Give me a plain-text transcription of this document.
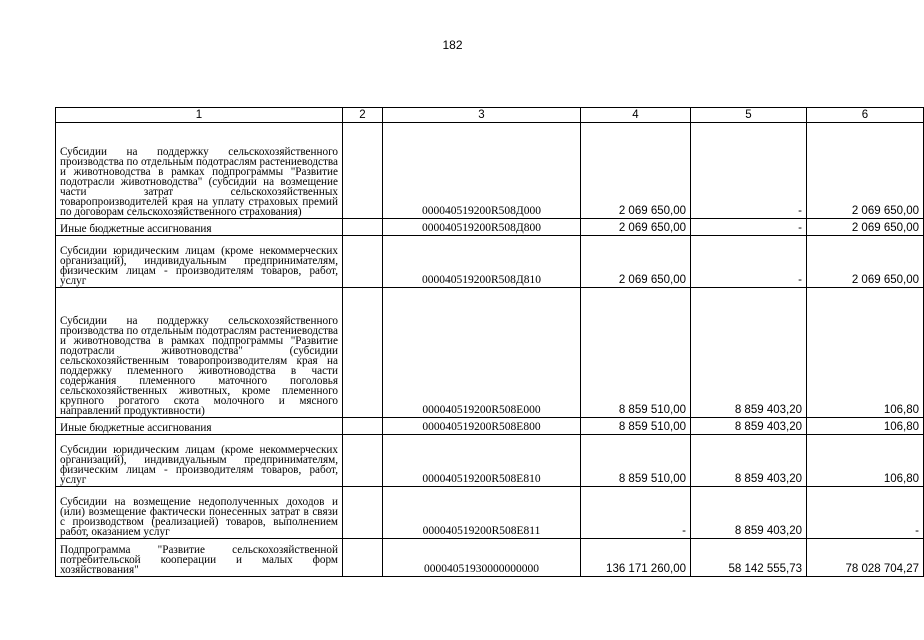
182
1	2	3	4	5	6
Субсидии на поддержку сельскохозяйственного производства по отдельным подотраслям растениеводства и животноводства в рамках подпрограммы "Развитие подотрасли животноводства" (субсидии на возмещение части затрат сельскохозяйственных товаропроизводителей края на уплату страховых премий по договорам сельскохозяйственного страхования)		000040519200R508Д000	2 069 650,00	-	2 069 650,00
Иные бюджетные ассигнования		000040519200R508Д800	2 069 650,00	-	2 069 650,00
Субсидии юридическим лицам (кроме некоммерческих организаций), индивидуальным предпринимателям, физическим лицам - производителям товаров, работ, услуг		000040519200R508Д810	2 069 650,00	-	2 069 650,00
Субсидии на поддержку сельскохозяйственного производства по отдельным подотраслям растениеводства и животноводства в рамках подпрограммы "Развитие подотрасли животноводства" (субсидии сельскохозяйственным товаропроизводителям края на поддержку племенного животноводства в части содержания племенного маточного поголовья сельскохозяйственных животных, кроме племенного крупного рогатого скота молочного и мясного направлений продуктивности)		000040519200R508Е000	8 859 510,00	8 859 403,20	106,80
Иные бюджетные ассигнования		000040519200R508Е800	8 859 510,00	8 859 403,20	106,80
Субсидии юридическим лицам (кроме некоммерческих организаций), индивидуальным предпринимателям, физическим лицам - производителям товаров, работ, услуг		000040519200R508Е810	8 859 510,00	8 859 403,20	106,80
Субсидии на возмещение недополученных доходов и (или) возмещение фактически понесенных затрат в связи с производством (реализацией) товаров, выполнением работ, оказанием услуг		000040519200R508Е811	-	8 859 403,20	-
Подпрограмма "Развитие сельскохозяйственной потребительской кооперации и малых форм хозяйствования"		00004051930000000000	136 171 260,00	58 142 555,73	78 028 704,27
